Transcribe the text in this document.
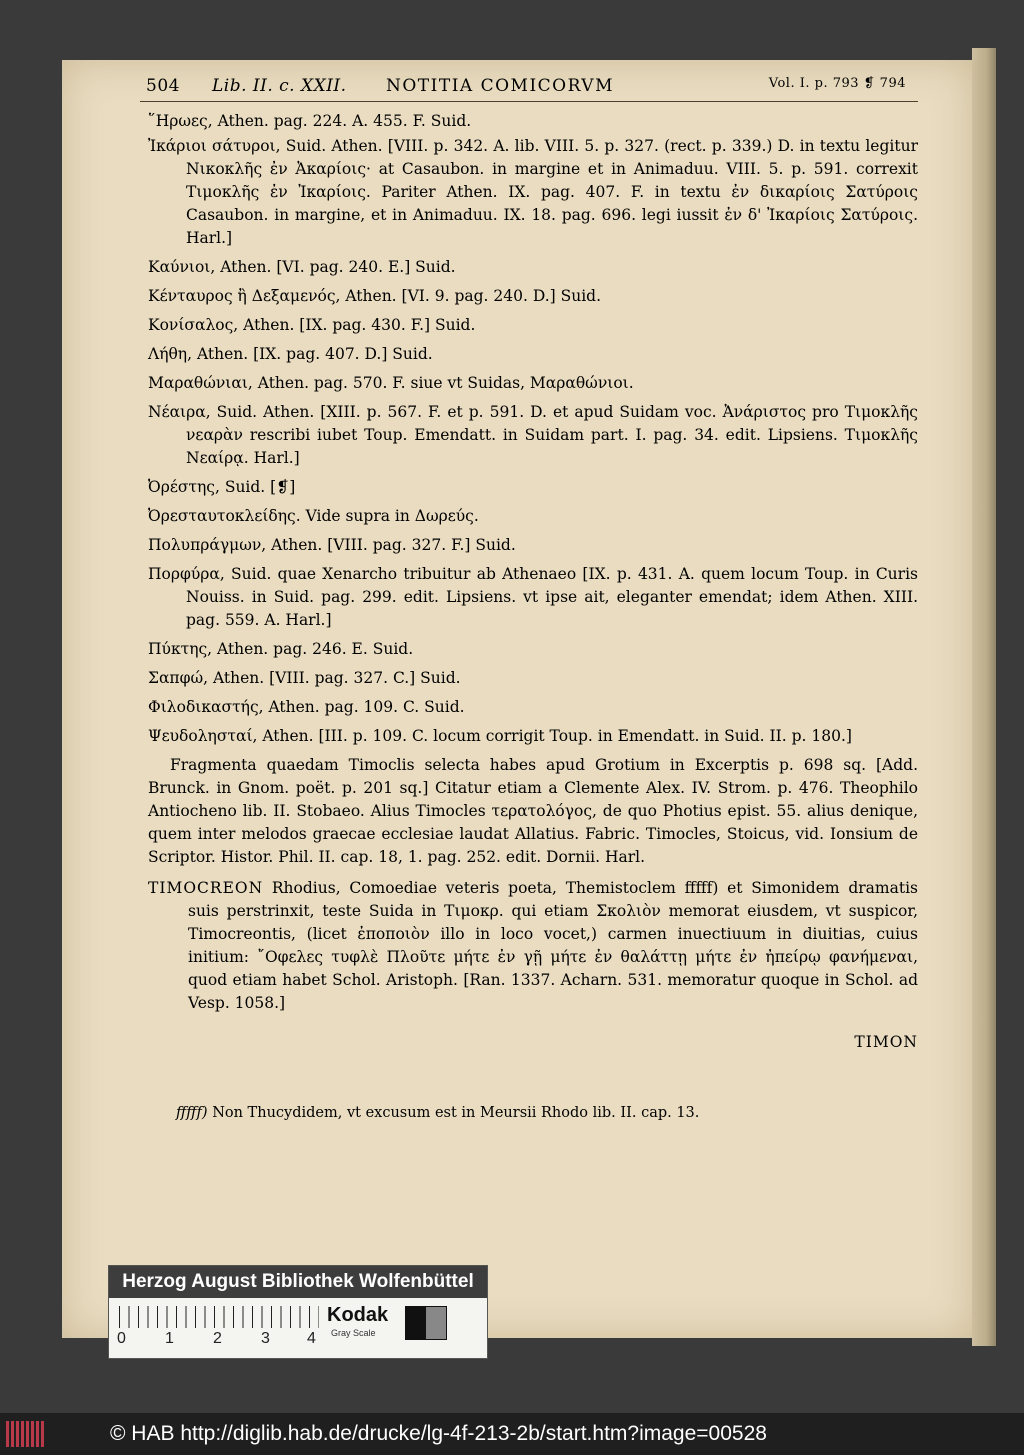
504 Lib. II. c. XXII. NOTITIA COMICORVM	Vol. I. p. 793 ❡ 794

῞Ηρωες, Athen. pag. 224. A. 455. F. Suid.

Ἰκάριοι σάτυροι, Suid. Athen. [VIII. p. 342. A. lib. VIII. 5. p. 327. (rect. p. 339.) D. in textu legitur Νικοκλῆς ἐν Ἀκαρίοις· at Casaubon. in margine et in Animaduu. VIII. 5. p. 591. correxit Τιμοκλῆς ἐν Ἰκαρίοις. Pariter Athen. IX. pag. 407. F. in textu ἐν δικαρίοις Σατύροις Casaubon. in margine, et in Animaduu. IX. 18. pag. 696. legi iussit ἐν δ' Ἰκαρίοις Σατύροις. Harl.]

Καύνιοι, Athen. [VI. pag. 240. E.] Suid.

Κένταυρος ἢ Δεξαμενός, Athen. [VI. 9. pag. 240. D.] Suid.

Κονίσαλος, Athen. [IX. pag. 430. F.] Suid.

Λήθη, Athen. [IX. pag. 407. D.] Suid.

Μαραθώνιαι, Athen. pag. 570. F. siue vt Suidas, Μαραθώνιοι.

Νέαιρα, Suid. Athen. [XIII. p. 567. F. et p. 591. D. et apud Suidam voc. Ἀνάριστος pro Τιμοκλῆς νεαρὰν rescribi iubet Toup. Emendatt. in Suidam part. I. pag. 34. edit. Lipsiens. Τιμοκλῆς Νεαίρᾳ. Harl.]

Ὀρέστης, Suid. [❡]

Ὀρεσταυτοκλείδης. Vide supra in Δωρεύς.

Πολυπράγμων, Athen. [VIII. pag. 327. F.] Suid.

Πορφύρα, Suid. quae Xenarcho tribuitur ab Athenaeo [IX. p. 431. A. quem locum Toup. in Curis Nouiss. in Suid. pag. 299. edit. Lipsiens. vt ipse ait, eleganter emendat; idem Athen. XIII. pag. 559. A. Harl.]

Πύκτης, Athen. pag. 246. E. Suid.

Σαπφώ, Athen. [VIII. pag. 327. C.] Suid.

Φιλοδικαστής, Athen. pag. 109. C. Suid.

Ψευδολησταί, Athen. [III. p. 109. C. locum corrigit Toup. in Emendatt. in Suid. II. p. 180.]

Fragmenta quaedam Timoclis selecta habes apud Grotium in Excerptis p. 698 sq. [Add. Brunck. in Gnom. poët. p. 201 sq.] Citatur etiam a Clemente Alex. IV. Strom. p. 476. Theophilo Antiocheno lib. II. Stobaeo. Alius Timocles τερατολόγος, de quo Photius epist. 55. alius denique, quem inter melodos graecae ecclesiae laudat Allatius. Fabric. Timocles, Stoicus, vid. Ionsium de Scriptor. Histor. Phil. II. cap. 18, 1. pag. 252. edit. Dornii. Harl.

TIMOCREON Rhodius, Comoediae veteris poeta, Themistoclem fffff) et Simonidem dramatis suis perstrinxit, teste Suida in Τιμοκρ. qui etiam Σκολιὸν memorat eiusdem, vt suspicor, Timocreontis, (licet ἐποποιὸν illo in loco vocet,) carmen inuectiuum in diuitias, cuius initium: ῎Οφελες τυφλὲ Πλοῦτε μήτε ἐν γῇ μήτε ἐν θαλάττῃ μήτε ἐν ἠπείρῳ φανήμεναι, quod etiam habet Schol. Aristoph. [Ran. 1337. Acharn. 531. memoratur quoque in Schol. ad Vesp. 1058.]

TIMON

fffff) Non Thucydidem, vt excusum est in Meursii Rhodo lib. II. cap. 13.

Herzog August Bibliothek Wolfenbüttel
0 1 2 3 4
Kodak
Gray Scale
© HAB http://diglib.hab.de/drucke/lg-4f-213-2b/start.htm?image=00528
